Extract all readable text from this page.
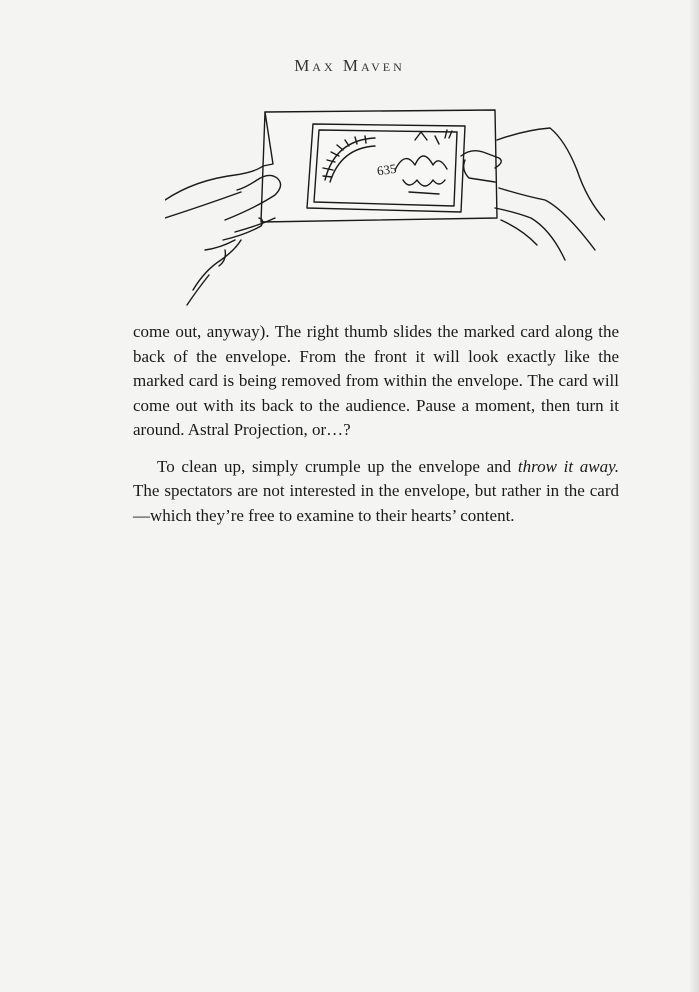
Max Maven
635

come out, anyway). The right thumb slides the marked card along the back of the envelope. From the front it will look exactly like the marked card is being removed from within the envelope. The card will come out with its back to the audience. Pause a moment, then turn it around. Astral Projection, or…?

To clean up, simply crumple up the envelope and throw it away. The spectators are not interested in the envelope, but rather in the card—which they’re free to examine to their hearts’ content.
